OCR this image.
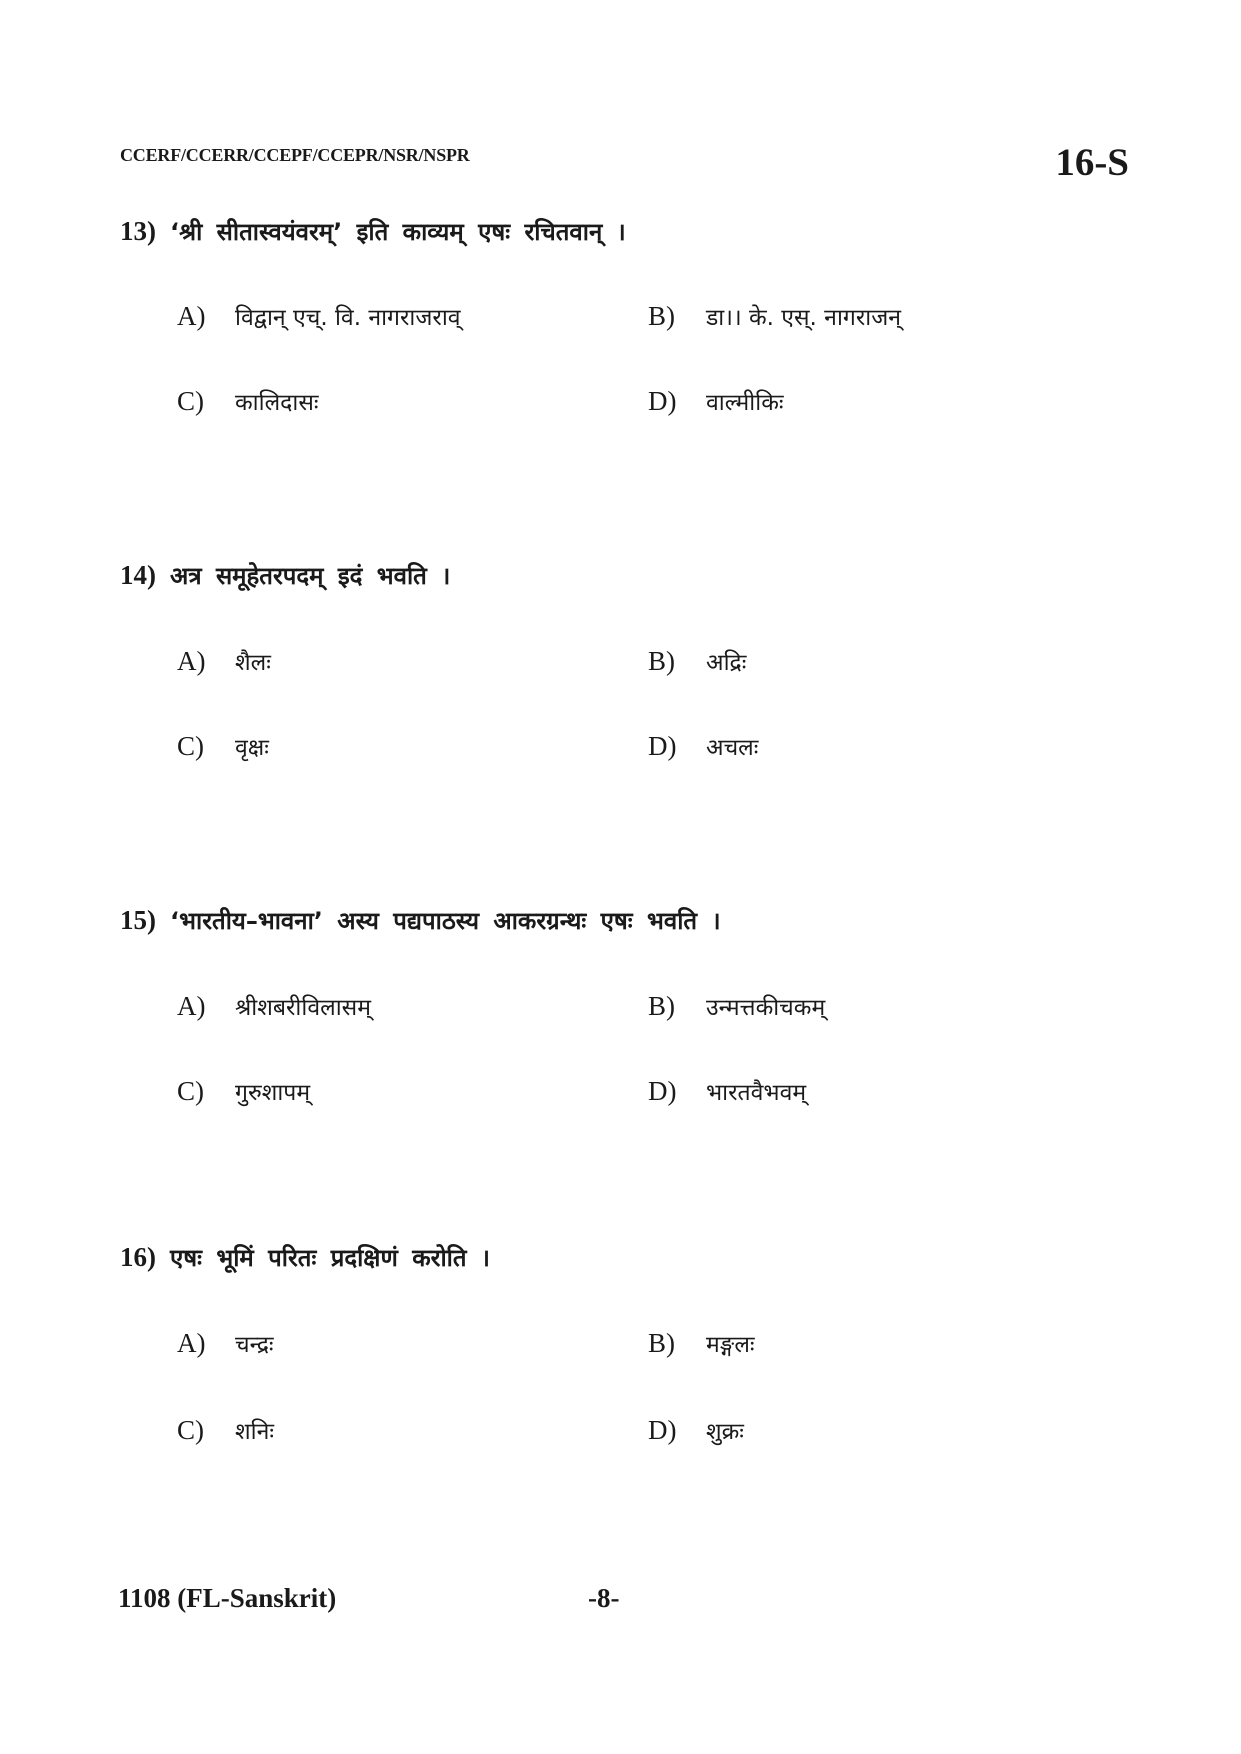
CCERF/CCERR/CCEPF/CCEPR/NSR/NSPR	16-S
13) ‘श्री सीतास्वयंवरम्’ इति काव्यम् एषः रचितवान् ।
A)	विद्वान् एच्. वि. नागराजराव्	B)	डा।। के. एस्. नागराजन्
C)	कालिदासः	D)	वाल्मीकिः
14) अत्र समूहेतरपदम् इदं भवति ।
A)	शैलः	B)	अद्रिः
C)	वृक्षः	D)	अचलः
15) ‘भारतीय–भावना’ अस्य पद्यपाठस्य आकरग्रन्थः एषः भवति ।
A)	श्रीशबरीविलासम्	B)	उन्मत्तकीचकम्
C)	गुरुशापम्	D)	भारतवैभवम्
16) एषः भूमिं परितः प्रदक्षिणं करोति ।
A)	चन्द्रः	B)	मङ्गलः
C)	शनिः	D)	शुक्रः
1108 (FL-Sanskrit)	-8-
